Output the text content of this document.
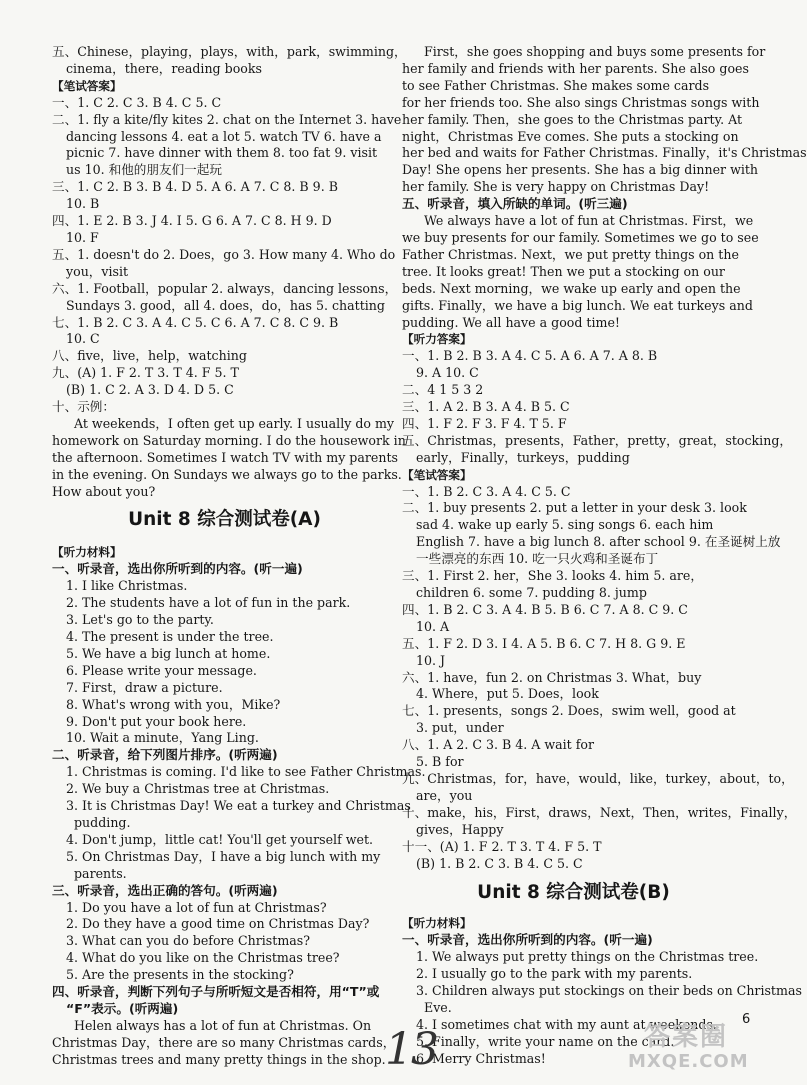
五、Chinese，playing，plays，with，park，swimming，
cinema，there，reading books
【笔试答案】
一、1. C 2. C 3. B 4. C 5. C
二、1. fly a kite/fly kites 2. chat on the Internet 3. have
dancing lessons 4. eat a lot 5. watch TV 6. have a
picnic 7. have dinner with them 8. too fat 9. visit
us 10. 和他的朋友们一起玩
三、1. C 2. B 3. B 4. D 5. A 6. A 7. C 8. B 9. B
10. B
四、1. E 2. B 3. J 4. I 5. G 6. A 7. C 8. H 9. D
10. F
五、1. doesn't do 2. Does，go 3. How many 4. Who do
you，visit
六、1. Football，popular 2. always，dancing lessons，
Sundays 3. good，all 4. does，do，has 5. chatting
七、1. B 2. C 3. A 4. C 5. C 6. A 7. C 8. C 9. B
10. C
八、five，live，help，watching
九、(A) 1. F 2. T 3. T 4. F 5. T
(B) 1. C 2. A 3. D 4. D 5. C
十、示例：
At weekends，I often get up early. I usually do my
homework on Saturday morning. I do the housework in
the afternoon. Sometimes I watch TV with my parents
in the evening. On Sundays we always go to the parks.
How about you?
Unit 8 综合测试卷(A)
【听力材料】
一、听录音，选出你所听到的内容。(听一遍)
1. I like Christmas.
2. The students have a lot of fun in the park.
3. Let's go to the party.
4. The present is under the tree.
5. We have a big lunch at home.
6. Please write your message.
7. First，draw a picture.
8. What's wrong with you，Mike?
9. Don't put your book here.
10. Wait a minute，Yang Ling.
二、听录音，给下列图片排序。(听两遍)
1. Christmas is coming. I'd like to see Father Christmas.
2. We buy a Christmas tree at Christmas.
3. It is Christmas Day! We eat a turkey and Christmas
pudding.
4. Don't jump，little cat! You'll get yourself wet.
5. On Christmas Day，I have a big lunch with my
parents.
三、听录音，选出正确的答句。(听两遍)
1. Do you have a lot of fun at Christmas?
2. Do they have a good time on Christmas Day?
3. What can you do before Christmas?
4. What do you like on the Christmas tree?
5. Are the presents in the stocking?
四、听录音，判断下列句子与所听短文是否相符，用“T”或
“F”表示。(听两遍)
Helen always has a lot of fun at Christmas. On
Christmas Day，there are so many Christmas cards，
Christmas trees and many pretty things in the shop.
First，she goes shopping and buys some presents for
her family and friends with her parents. She also goes
to see Father Christmas. She makes some cards
for her friends too. She also sings Christmas songs with
her family. Then，she goes to the Christmas party. At
night，Christmas Eve comes. She puts a stocking on
her bed and waits for Father Christmas. Finally，it's Christmas
Day! She opens her presents. She has a big dinner with
her family. She is very happy on Christmas Day!
五、听录音，填入所缺的单词。(听三遍)
We always have a lot of fun at Christmas. First，we
we buy presents for our family. Sometimes we go to see
Father Christmas. Next，we put pretty things on the
tree. It looks great! Then we put a stocking on our
beds. Next morning，we wake up early and open the
gifts. Finally，we have a big lunch. We eat turkeys and
pudding. We all have a good time!
【听力答案】
一、1. B 2. B 3. A 4. C 5. A 6. A 7. A 8. B
9. A 10. C
二、4 1 5 3 2
三、1. A 2. B 3. A 4. B 5. C
四、1. F 2. F 3. F 4. T 5. F
五、Christmas，presents，Father，pretty，great，stocking，
early，Finally，turkeys，pudding
【笔试答案】
一、1. B 2. C 3. A 4. C 5. C
二、1. buy presents 2. put a letter in your desk 3. look
sad 4. wake up early 5. sing songs 6. each him
English 7. have a big lunch 8. after school 9. 在圣诞树上放
一些漂亮的东西 10. 吃一只火鸡和圣诞布丁
三、1. First 2. her，She 3. looks 4. him 5. are，
children 6. some 7. pudding 8. jump
四、1. B 2. C 3. A 4. B 5. B 6. C 7. A 8. C 9. C
10. A
五、1. F 2. D 3. I 4. A 5. B 6. C 7. H 8. G 9. E
10. J
六、1. have，fun 2. on Christmas 3. What，buy
4. Where，put 5. Does，look
七、1. presents，songs 2. Does，swim well，good at
3. put，under
八、1. A 2. C 3. B 4. A wait for
5. B for
九、Christmas，for，have，would，like，turkey，about，to，
are，you
十、make，his，First，draws，Next，Then，writes，Finally，
gives，Happy
十一、(A) 1. F 2. T 3. T 4. F 5. T
(B) 1. B 2. C 3. B 4. C 5. C
Unit 8 综合测试卷(B)
【听力材料】
一、听录音，选出你所听到的内容。(听一遍)
1. We always put pretty things on the Christmas tree.
2. I usually go to the park with my parents.
3. Children always put stockings on their beds on Christmas
Eve.
4. I sometimes chat with my aunt at weekends.
5. Finally，write your name on the card.
6. Merry Christmas!
13
6
答案圈
MXQE.COM
